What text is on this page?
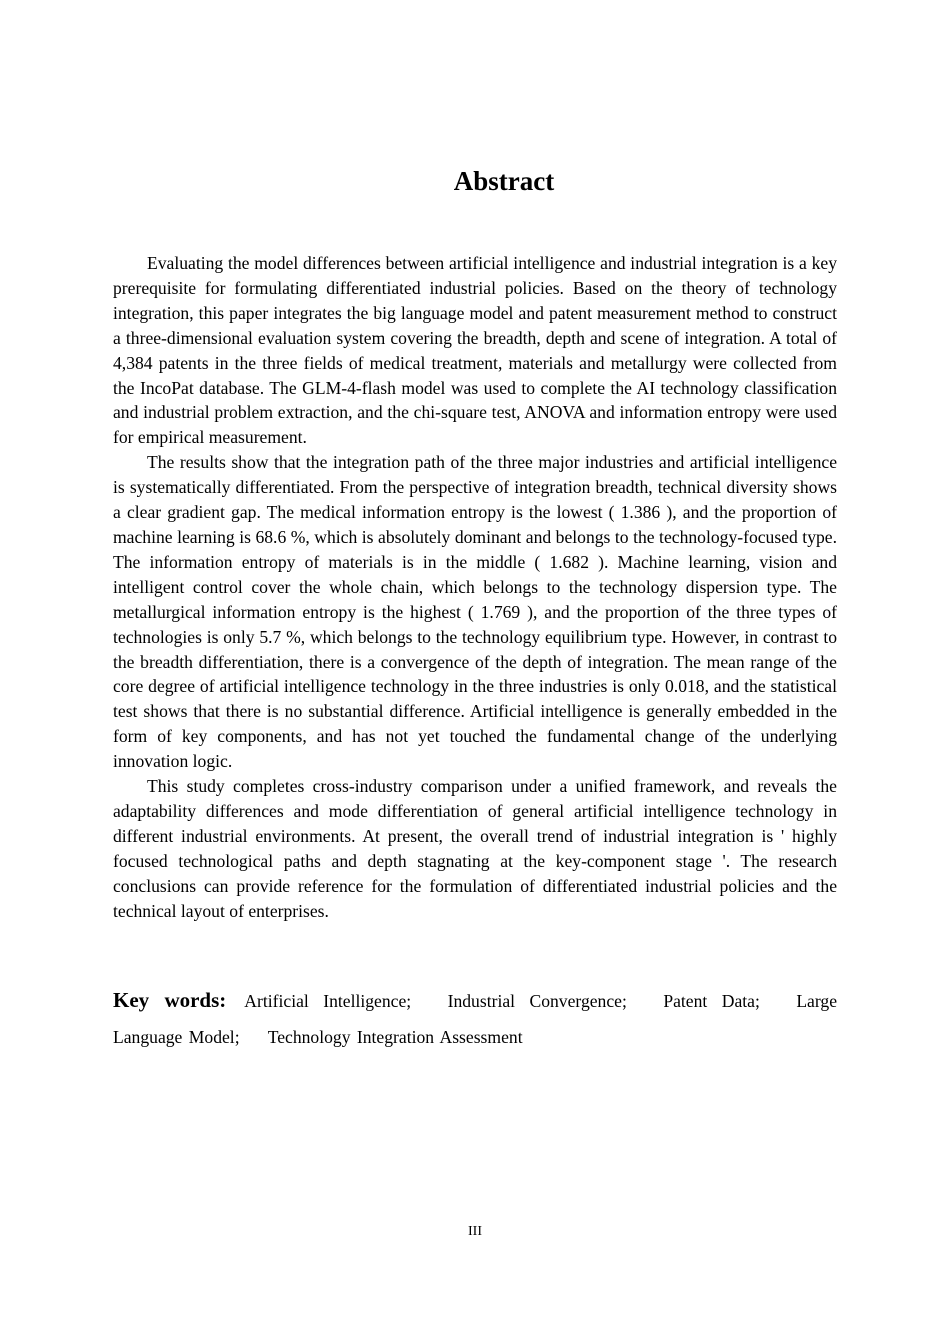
Abstract

Evaluating the model differences between artificial intelligence and industrial integration is a key prerequisite for formulating differentiated industrial policies. Based on the theory of technology integration, this paper integrates the big language model and patent measurement method to construct a three-dimensional evaluation system covering the breadth, depth and scene of integration. A total of 4,384 patents in the three fields of medical treatment, materials and metallurgy were collected from the IncoPat database. The GLM-4-flash model was used to complete the AI technology classification and industrial problem extraction, and the chi-square test, ANOVA and information entropy were used for empirical measurement.

The results show that the integration path of the three major industries and artificial intelligence is systematically differentiated. From the perspective of integration breadth, technical diversity shows a clear gradient gap. The medical information entropy is the lowest ( 1.386 ), and the proportion of machine learning is 68.6 %, which is absolutely dominant and belongs to the technology-focused type. The information entropy of materials is in the middle ( 1.682 ). Machine learning, vision and intelligent control cover the whole chain, which belongs to the technology dispersion type. The metallurgical information entropy is the highest ( 1.769 ), and the proportion of the three types of technologies is only 5.7 %, which belongs to the technology equilibrium type. However, in contrast to the breadth differentiation, there is a convergence of the depth of integration. The mean range of the core degree of artificial intelligence technology in the three industries is only 0.018, and the statistical test shows that there is no substantial difference. Artificial intelligence is generally embedded in the form of key components, and has not yet touched the fundamental change of the underlying innovation logic.

This study completes cross-industry comparison under a unified framework, and reveals the adaptability differences and mode differentiation of general artificial intelligence technology in different industrial environments. At present, the overall trend of industrial integration is ' highly focused technological paths and depth stagnating at the key-component stage '. The research conclusions can provide reference for the formulation of differentiated industrial policies and the technical layout of enterprises.

Key words: Artificial Intelligence; Industrial Convergence; Patent Data; Large Language Model; Technology Integration Assessment
III
